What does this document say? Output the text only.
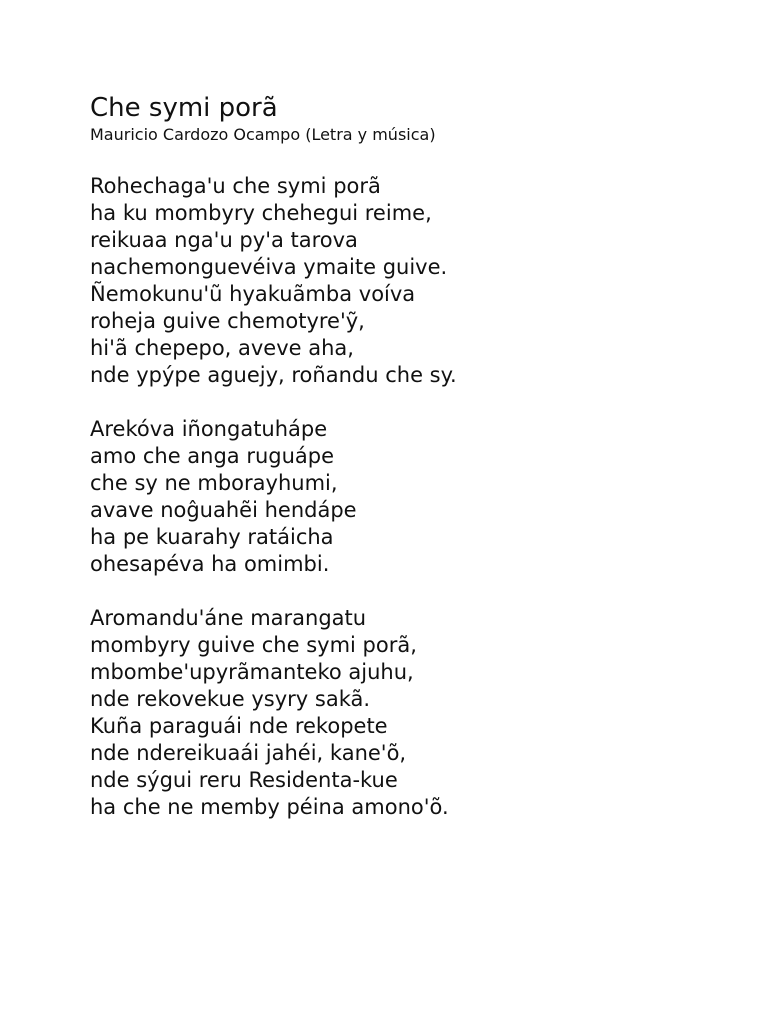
Che symi porã
Mauricio Cardozo Ocampo (Letra y música)
Rohechaga'u che symi porã
ha ku mombyry chehegui reime,
reikuaa nga'u py'a tarova
nachemonguevéiva ymaite guive.
Ñemokunu'ũ hyakuãmba voíva
roheja guive chemotyre'ỹ,
hi'ã chepepo, aveve aha,
nde ypýpe aguejy, roñandu che sy.
Arekóva iñongatuhápe
amo che anga ruguápe
che sy ne mborayhumi,
avave noĝuahẽi hendápe
ha pe kuarahy ratáicha
ohesapéva ha omimbi.
Aromandu'áne marangatu
mombyry guive che symi porã,
mbombe'upyrãmanteko ajuhu,
nde rekovekue ysyry sakã.
Kuña paraguái nde rekopete
nde ndereikuaái jahéi, kane'õ,
nde sýgui reru Residenta-kue
ha che ne memby péina amono'õ.
